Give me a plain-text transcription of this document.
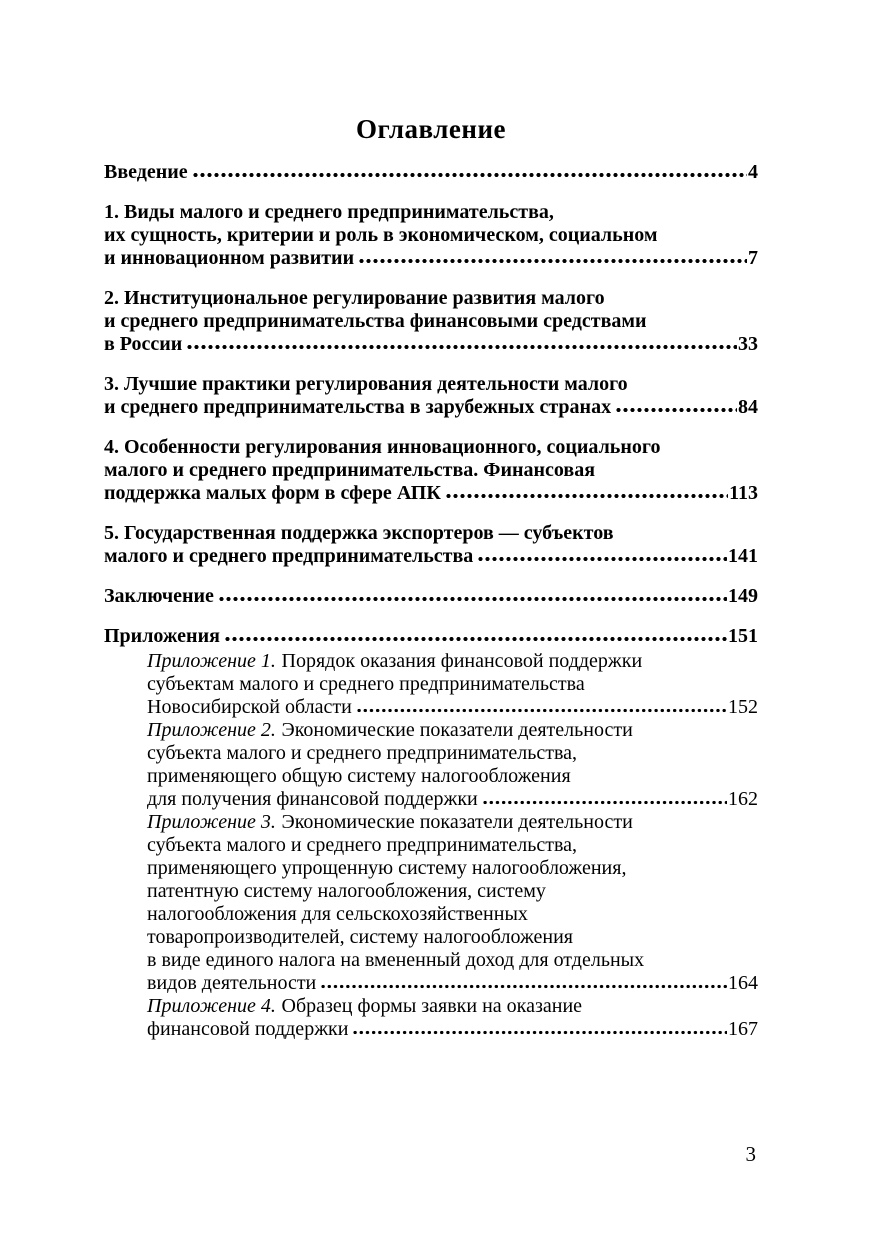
Оглавление
Введение	4
1. Виды малого и среднего предпринимательства,
их сущность, критерии и роль в экономическом, социальном
и инновационном развитии	7
2. Институциональное регулирование развития малого
и среднего предпринимательства финансовыми средствами
в России	33
3. Лучшие практики регулирования деятельности малого
и среднего предпринимательства в зарубежных странах	84
4. Особенности регулирования инновационного, социального
малого и среднего предпринимательства. Финансовая
поддержка малых форм в сфере АПК	113
5. Государственная поддержка экспортеров — субъектов
малого и среднего предпринимательства	141
Заключение	149
Приложения	151
Приложение 1. Порядок оказания финансовой поддержки
субъектам малого и среднего предпринимательства
Новосибирской области	152
Приложение 2. Экономические показатели деятельности
субъекта малого и среднего предпринимательства,
применяющего общую систему налогообложения
для получения финансовой поддержки	162
Приложение 3. Экономические показатели деятельности
субъекта малого и среднего предпринимательства,
применяющего упрощенную систему налогообложения,
патентную систему налогообложения, систему
налогообложения для сельскохозяйственных
товаропроизводителей, систему налогообложения
в виде единого налога на вмененный доход для отдельных
видов деятельности	164
Приложение 4. Образец формы заявки на оказание
финансовой поддержки	167
3
